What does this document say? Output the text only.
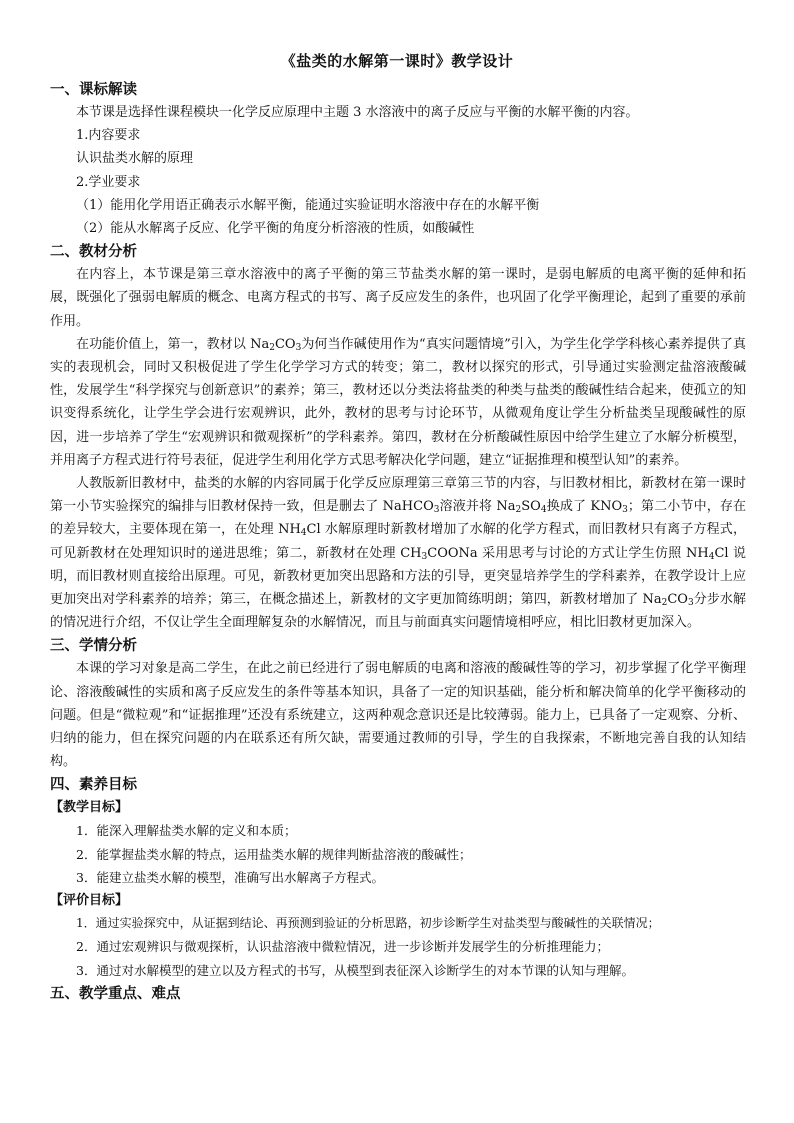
《盐类的水解第一课时》教学设计

一、课标解读

本节课是选择性课程模块一化学反应原理中主题 3 水溶液中的离子反应与平衡的水解平衡的内容。

1.内容要求

认识盐类水解的原理

2.学业要求

（1）能用化学用语正确表示水解平衡，能通过实验证明水溶液中存在的水解平衡

（2）能从水解离子反应、化学平衡的角度分析溶液的性质，如酸碱性

二、教材分析

在内容上，本节课是第三章水溶液中的离子平衡的第三节盐类水解的第一课时，是弱电解质的电离平衡的延伸和拓展，既强化了强弱电解质的概念、电离方程式的书写、离子反应发生的条件，也巩固了化学平衡理论，起到了重要的承前作用。

在功能价值上，第一，教材以 $Na_2CO_3$为何当作碱使用作为“真实问题情境”引入，为学生化学学科核心素养提供了真实的表现机会，同时又积极促进了学生化学学习方式的转变；第二，教材以探究的形式，引导通过实验测定盐溶液酸碱性，发展学生“科学探究与创新意识”的素养；第三，教材还以分类法将盐类的种类与盐类的酸碱性结合起来，使孤立的知识变得系统化，让学生学会进行宏观辨识，此外，教材的思考与讨论环节，从微观角度让学生分析盐类呈现酸碱性的原因，进一步培养了学生“宏观辨识和微观探析”的学科素养。第四，教材在分析酸碱性原因中给学生建立了水解分析模型，并用离子方程式进行符号表征，促进学生利用化学方式思考解决化学问题，建立“证据推理和模型认知”的素养。

人教版新旧教材中，盐类的水解的内容同属于化学反应原理第三章第三节的内容，与旧教材相比，新教材在第一课时第一小节实验探究的编排与旧教材保持一致，但是删去了 NaHCO$_3$溶液并将 $Na_2SO_4$换成了 $KNO_3$；第二小节中，存在的差异较大，主要体现在第一，在处理 $NH_4Cl$ 水解原理时新教材增加了水解的化学方程式，而旧教材只有离子方程式，可见新教材在处理知识时的递进思维；第二，新教材在处理 $CH_3COONa$ 采用思考与讨论的方式让学生仿照 $NH_4Cl$ 说明，而旧教材则直接给出原理。可见，新教材更加突出思路和方法的引导，更突显培养学生的学科素养，在教学设计上应更加突出对学科素养的培养；第三，在概念描述上，新教材的文字更加简练明朗；第四，新教材增加了 $Na_2CO_3$分步水解的情况进行介绍，不仅让学生全面理解复杂的水解情况，而且与前面真实问题情境相呼应，相比旧教材更加深入。

三、学情分析

本课的学习对象是高二学生，在此之前已经进行了弱电解质的电离和溶液的酸碱性等的学习，初步掌握了化学平衡理论、溶液酸碱性的实质和离子反应发生的条件等基本知识，具备了一定的知识基础，能分析和解决简单的化学平衡移动的问题。但是“微粒观”和“证据推理”还没有系统建立，这两种观念意识还是比较薄弱。能力上，已具备了一定观察、分析、归纳的能力，但在探究问题的内在联系还有所欠缺，需要通过教师的引导，学生的自我探索，不断地完善自我的认知结构。

四、素养目标

【教学目标】

1．能深入理解盐类水解的定义和本质；

2．能掌握盐类水解的特点，运用盐类水解的规律判断盐溶液的酸碱性；

3．能建立盐类水解的模型，准确写出水解离子方程式。

【评价目标】

1．通过实验探究中，从证据到结论、再预测到验证的分析思路，初步诊断学生对盐类型与酸碱性的关联情况；

2．通过宏观辨识与微观探析，认识盐溶液中微粒情况，进一步诊断并发展学生的分析推理能力；

3．通过对水解模型的建立以及方程式的书写，从模型到表征深入诊断学生的对本节课的认知与理解。

五、教学重点、难点
